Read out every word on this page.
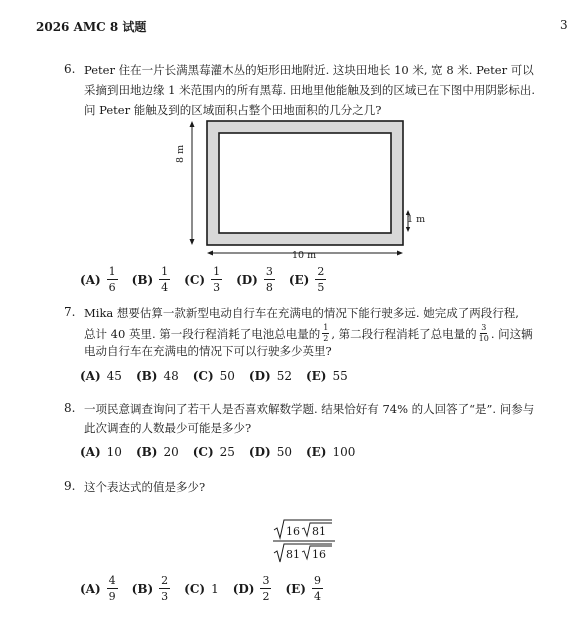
2026 AMC 8 试题	3
6. Peter 住在一片长满黑莓灌木丛的矩形田地附近. 这块田地长 10 米, 宽 8 米. Peter 可以
采摘到田地边缘 1 米范围内的所有黑莓. 田地里他能触及到的区域已在下图中用阴影标出.
问 Peter 能触及到的区域面积占整个田地面积的几分之几?
8 m
1 m
10 m
$(A) \frac{1}{6} (B) \frac{1}{4} (C) \frac{1}{3} (D) \frac{3}{8} (E) \frac{2}{5}$
7. Mika 想要估算一款新型电动自行车在充满电的情况下能行驶多远. 她完成了两段行程,
总计 40 英里. 第一段行程消耗了电池总电量的 $\frac{1}{2}$ , 第二段行程消耗了总电量的 $\frac{3}{10}$ . 问这辆
电动自行车在充满电的情况下可以行驶多少英里?
(A) 45 (B) 48 (C) 50 (D) 52 (E) 55
8. 一项民意调查询问了若干人是否喜欢解数学题. 结果恰好有 74% 的人回答了“是”. 问参与
此次调查的人数最少可能是多少?
(A) 10 (B) 20 (C) 25 (D) 50 (E) 100
9. 这个表达式的值是多少?
16 81
81 16
$(A) \frac{4}{9} (B) \frac{2}{3} (C)$ 1 $(D) \frac{3}{2} (E) \frac{9}{4}$
